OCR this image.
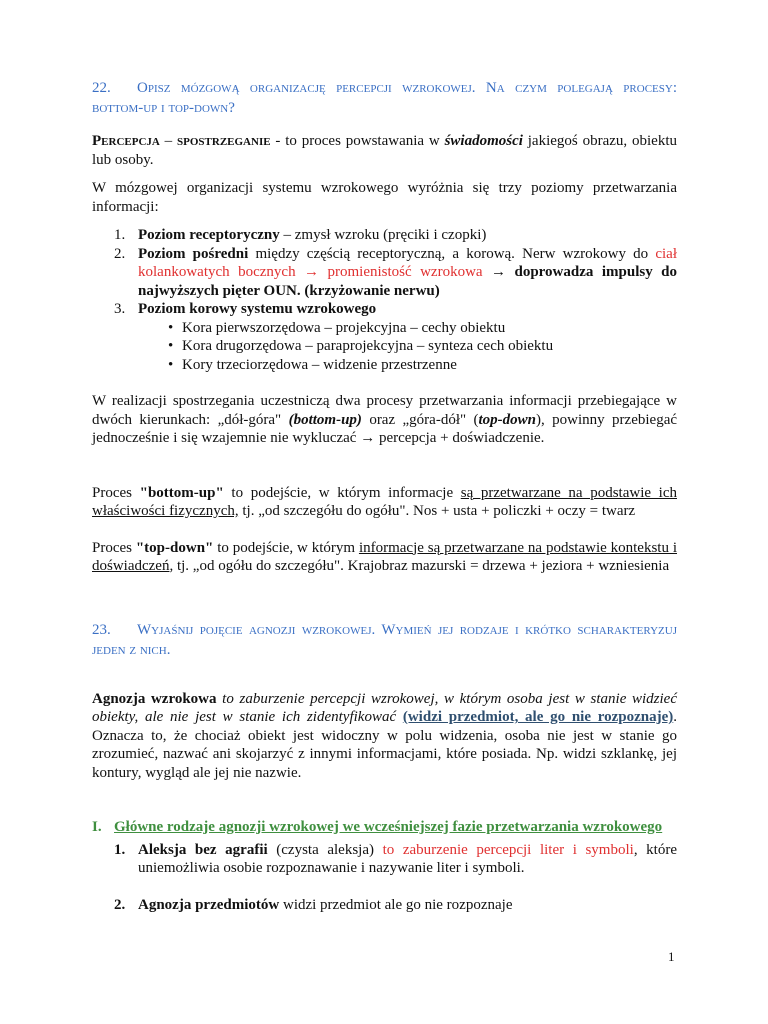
22. Opisz mózgową organizację percepcji wzrokowej. Na czym polegają procesy: bottom-up i top-down?

Percepcja – spostrzeganie - to proces powstawania w świadomości jakiegoś obrazu, obiektu lub osoby.

W mózgowej organizacji systemu wzrokowego wyróżnia się trzy poziomy przetwarzania informacji:

1. Poziom receptoryczny – zmysł wzroku (pręciki i czopki)
2. Poziom pośredni między częścią receptoryczną, a korową. Nerw wzrokowy do ciał kolankowatych bocznych → promienistość wzrokowa → doprowadza impulsy do najwyższych pięter OUN. (krzyżowanie nerwu)
3. Poziom korowy systemu wzrokowego
• Kora pierwszorzędowa – projekcyjna – cechy obiektu
• Kora drugorzędowa – paraprojekcyjna – synteza cech obiektu
• Kory trzeciorzędowa – widzenie przestrzenne

W realizacji spostrzegania uczestniczą dwa procesy przetwarzania informacji przebiegające w dwóch kierunkach: „dół-góra" (bottom-up) oraz „góra-dół" (top-down), powinny przebiegać jednocześnie i się wzajemnie nie wykluczać → percepcja + doświadczenie.

Proces "bottom-up" to podejście, w którym informacje są przetwarzane na podstawie ich właściwości fizycznych, tj. „od szczegółu do ogółu". Nos + usta + policzki + oczy = twarz

Proces "top-down" to podejście, w którym informacje są przetwarzane na podstawie kontekstu i doświadczeń, tj. „od ogółu do szczegółu". Krajobraz mazurski = drzewa + jeziora + wzniesienia

23. Wyjaśnij pojęcie agnozji wzrokowej. Wymień jej rodzaje i krótko scharakteryzuj jeden z nich.

Agnozja wzrokowa to zaburzenie percepcji wzrokowej, w którym osoba jest w stanie widzieć obiekty, ale nie jest w stanie ich zidentyfikować (widzi przedmiot, ale go nie rozpoznaje). Oznacza to, że chociaż obiekt jest widoczny w polu widzenia, osoba nie jest w stanie go zrozumieć, nazwać ani skojarzyć z innymi informacjami, które posiada. Np. widzi szklankę, jej kontury, wygląd ale jej nie nazwie.

I. Główne rodzaje agnozji wzrokowej we wcześniejszej fazie przetwarzania wzrokowego
1. Aleksja bez agrafii (czysta aleksja) to zaburzenie percepcji liter i symboli, które uniemożliwia osobie rozpoznawanie i nazywanie liter i symboli.
2. Agnozja przedmiotów widzi przedmiot ale go nie rozpoznaje
1
